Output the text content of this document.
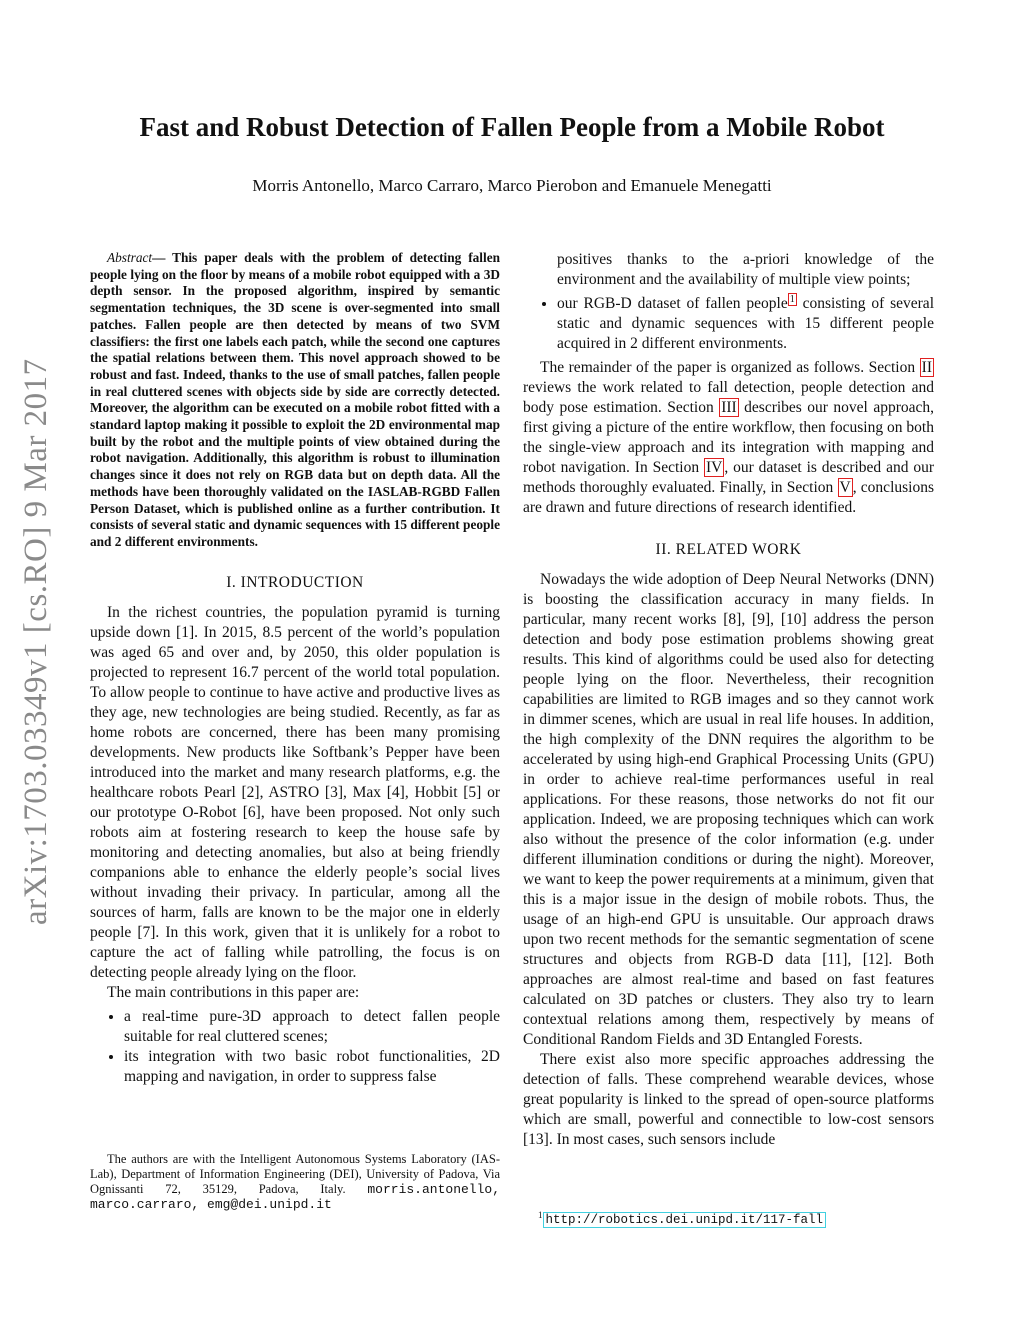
arXiv:1703.03349v1 [cs.RO] 9 Mar 2017
Fast and Robust Detection of Fallen People from a Mobile Robot
Morris Antonello, Marco Carraro, Marco Pierobon and Emanuele Menegatti

Abstract— This paper deals with the problem of detecting fallen people lying on the floor by means of a mobile robot equipped with a 3D depth sensor. In the proposed algorithm, inspired by semantic segmentation techniques, the 3D scene is over-segmented into small patches. Fallen people are then detected by means of two SVM classifiers: the first one labels each patch, while the second one captures the spatial relations between them. This novel approach showed to be robust and fast. Indeed, thanks to the use of small patches, fallen people in real cluttered scenes with objects side by side are correctly detected. Moreover, the algorithm can be executed on a mobile robot fitted with a standard laptop making it possible to exploit the 2D environmental map built by the robot and the multiple points of view obtained during the robot navigation. Additionally, this algorithm is robust to illumination changes since it does not rely on RGB data but on depth data. All the methods have been thoroughly validated on the IASLAB-RGBD Fallen Person Dataset, which is published online as a further contribution. It consists of several static and dynamic sequences with 15 different people and 2 different environments.

I. INTRODUCTION

In the richest countries, the population pyramid is turning upside down [1]. In 2015, 8.5 percent of the world’s population was aged 65 and over and, by 2050, this older population is projected to represent 16.7 percent of the world total population. To allow people to continue to have active and productive lives as they age, new technologies are being studied. Recently, as far as home robots are concerned, there has been many promising developments. New products like Softbank’s Pepper have been introduced into the market and many research platforms, e.g. the healthcare robots Pearl [2], ASTRO [3], Max [4], Hobbit [5] or our prototype O-Robot [6], have been proposed. Not only such robots aim at fostering research to keep the house safe by monitoring and detecting anomalies, but also at being friendly companions able to enhance the elderly people’s social lives without invading their privacy. In particular, among all the sources of harm, falls are known to be the major one in elderly people [7]. In this work, given that it is unlikely for a robot to capture the act of falling while patrolling, the focus is on detecting people already lying on the floor.

The main contributions in this paper are:

• a real-time pure-3D approach to detect fallen people suitable for real cluttered scenes;
• its integration with two basic robot functionalities, 2D mapping and navigation, in order to suppress false
positives thanks to the a-priori knowledge of the environment and the availability of multiple view points;
• our RGB-D dataset of fallen people $^1$ consisting of several static and dynamic sequences with 15 different people acquired in 2 different environments.

The remainder of the paper is organized as follows. Section II reviews the work related to fall detection, people detection and body pose estimation. Section III describes our novel approach, first giving a picture of the entire workflow, then focusing on both the single-view approach and its integration with mapping and robot navigation. In Section IV , our dataset is described and our methods thoroughly evaluated. Finally, in Section V , conclusions are drawn and future directions of research identified.

II. RELATED WORK

Nowadays the wide adoption of Deep Neural Networks (DNN) is boosting the classification accuracy in many fields. In particular, many recent works [8], [9], [10] address the person detection and body pose estimation problems showing great results. This kind of algorithms could be used also for detecting people lying on the floor. Nevertheless, their recognition capabilities are limited to RGB images and so they cannot work in dimmer scenes, which are usual in real life houses. In addition, the high complexity of the DNN requires the algorithm to be accelerated by using high-end Graphical Processing Units (GPU) in order to achieve real-time performances useful in real applications. For these reasons, those networks do not fit our application. Indeed, we are proposing techniques which can work also without the presence of the color information (e.g. under different illumination conditions or during the night). Moreover, we want to keep the power requirements at a minimum, given that this is a major issue in the design of mobile robots. Thus, the usage of an high-end GPU is unsuitable. Our approach draws upon two recent methods for the semantic segmentation of scene structures and objects from RGB-D data [11], [12]. Both approaches are almost real-time and based on fast features calculated on 3D patches or clusters. They also try to learn contextual relations among them, respectively by means of Conditional Random Fields and 3D Entangled Forests.

There exist also more specific approaches addressing the detection of falls. These comprehend wearable devices, whose great popularity is linked to the spread of open-source platforms which are small, powerful and connectible to low-cost sensors [13]. In most cases, such sensors include

The authors are with the Intelligent Autonomous Systems Laboratory (IAS-Lab), Department of Information Engineering (DEI), University of Padova, Via Ognissanti 72, 35129, Padova, Italy. morris.antonello, marco.carraro, emg@dei.unipd.it
$^1$ http://robotics.dei.unipd.it/117-fall
